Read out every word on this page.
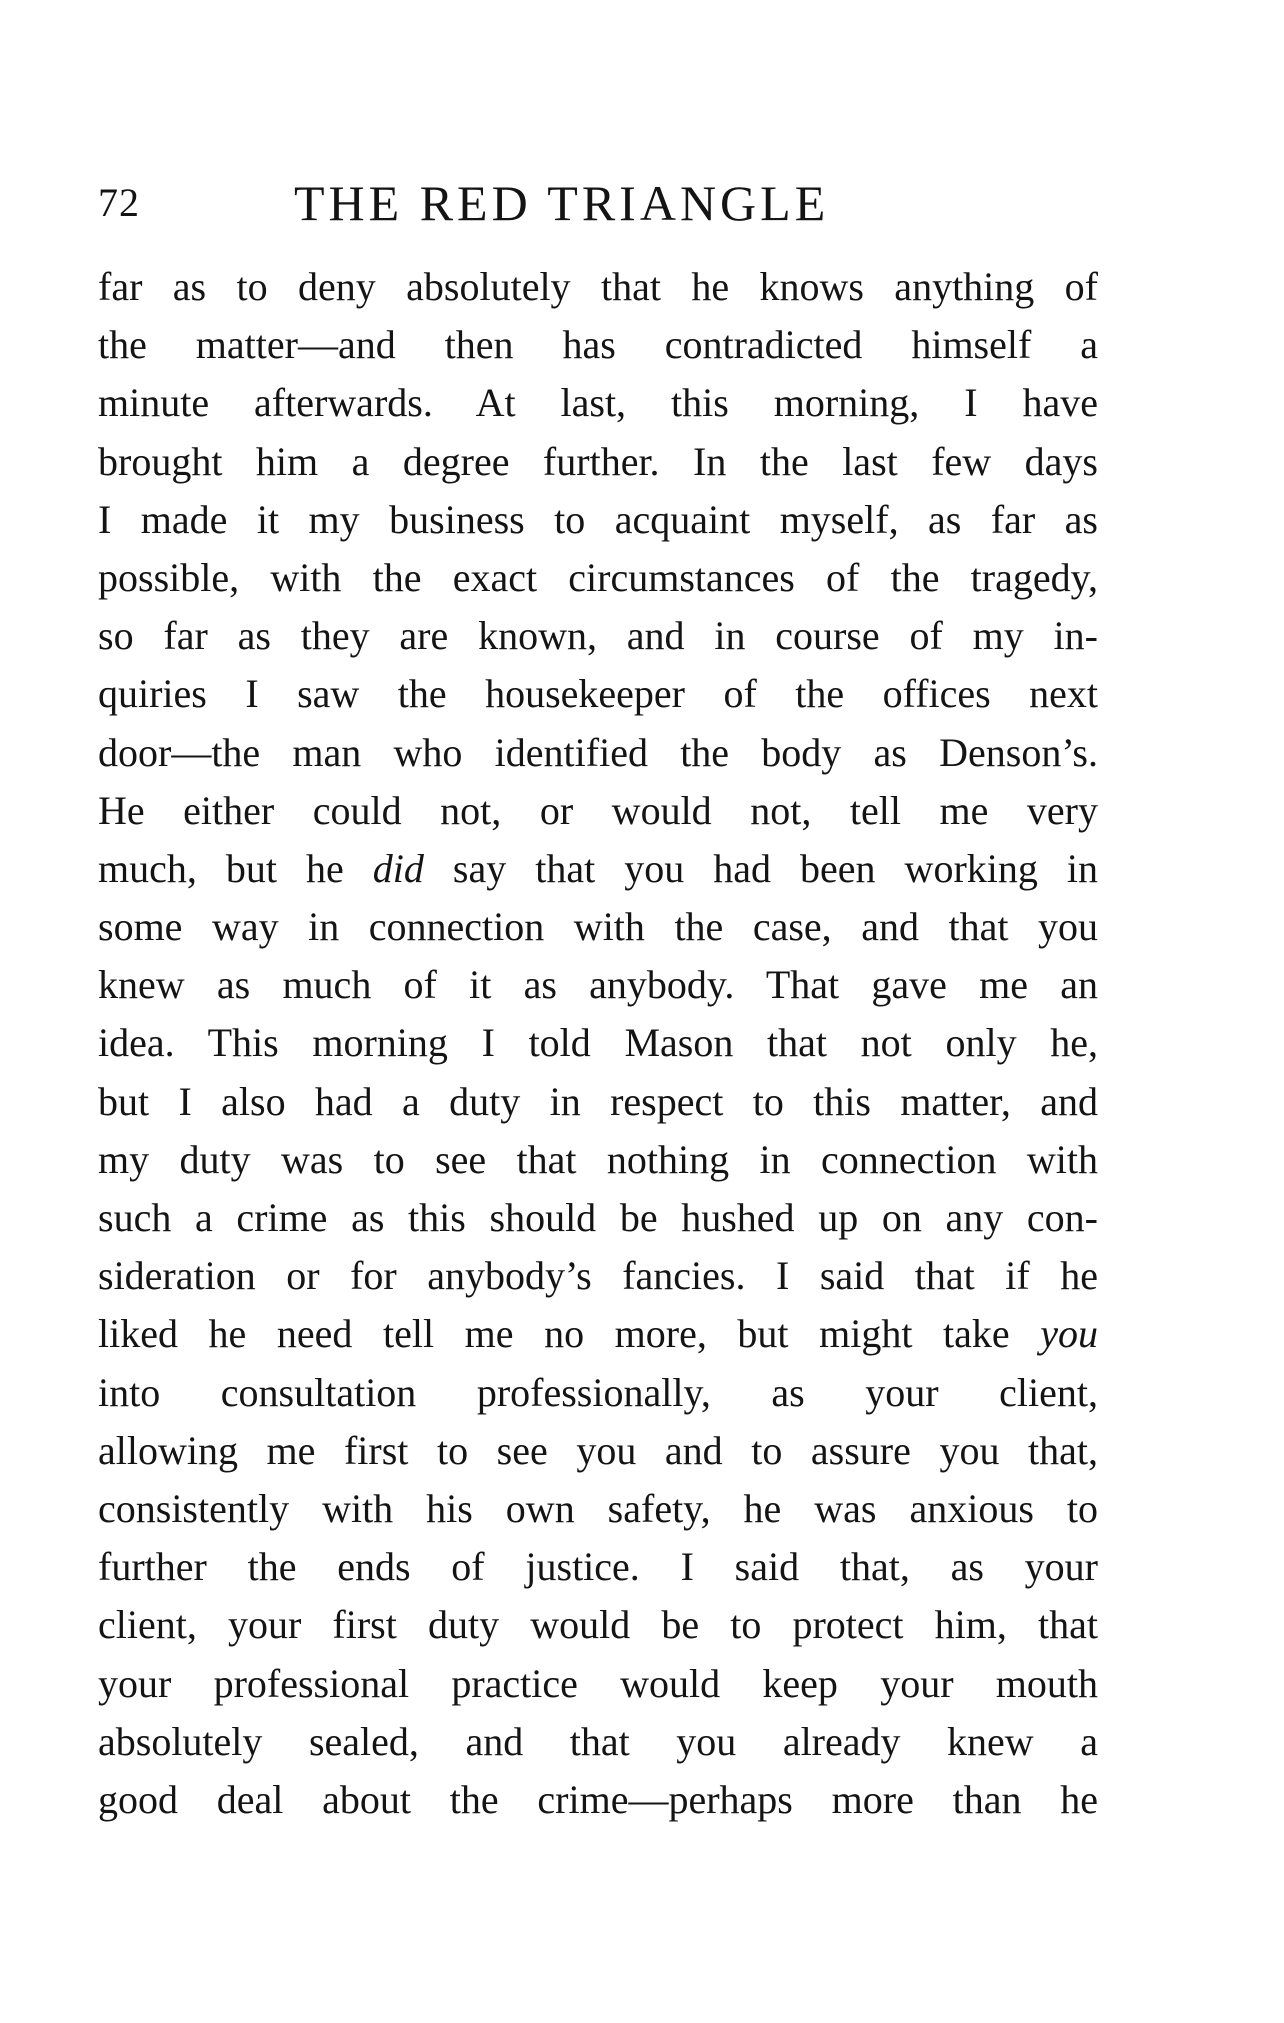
72	THE RED TRIANGLE
far as to deny absolutely that he knows anything of
the matter—and then has contradicted himself a
minute afterwards. At last, this morning, I have
brought him a degree further. In the last few days
I made it my business to acquaint myself, as far as
possible, with the exact circumstances of the tragedy,
so far as they are known, and in course of my in-
quiries I saw the housekeeper of the offices next
door—the man who identified the body as Denson’s.
He either could not, or would not, tell me very
much, but he did say that you had been working in
some way in connection with the case, and that you
knew as much of it as anybody. That gave me an
idea. This morning I told Mason that not only he,
but I also had a duty in respect to this matter, and
my duty was to see that nothing in connection with
such a crime as this should be hushed up on any con-
sideration or for anybody’s fancies. I said that if he
liked he need tell me no more, but might take you
into consultation professionally, as your client,
allowing me first to see you and to assure you that,
consistently with his own safety, he was anxious to
further the ends of justice. I said that, as your
client, your first duty would be to protect him, that
your professional practice would keep your mouth
absolutely sealed, and that you already knew a
good deal about the crime—perhaps more than he
